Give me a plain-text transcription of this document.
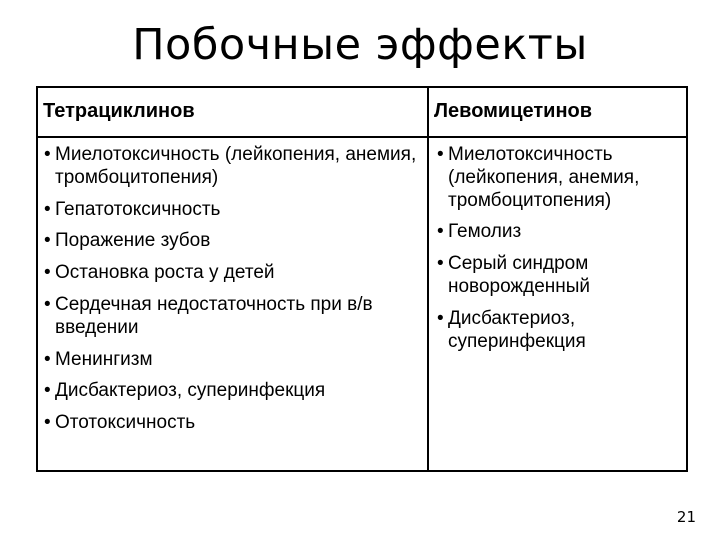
Побочные эффекты
Тетрациклинов	Левомицетинов
• Миелотоксичность (лейкопения, анемия, тромбоцитопения)
• Гепатотоксичность
• Поражение зубов
• Остановка роста у детей
• Сердечная недостаточность при в/в введении
• Менингизм
• Дисбактериоз, суперинфекция
• Ототоксичность
• Миелотоксичность (лейкопения, анемия, тромбоцитопения)
• Гемолиз
• Серый синдром новорожденный
• Дисбактериоз, суперинфекция
21
